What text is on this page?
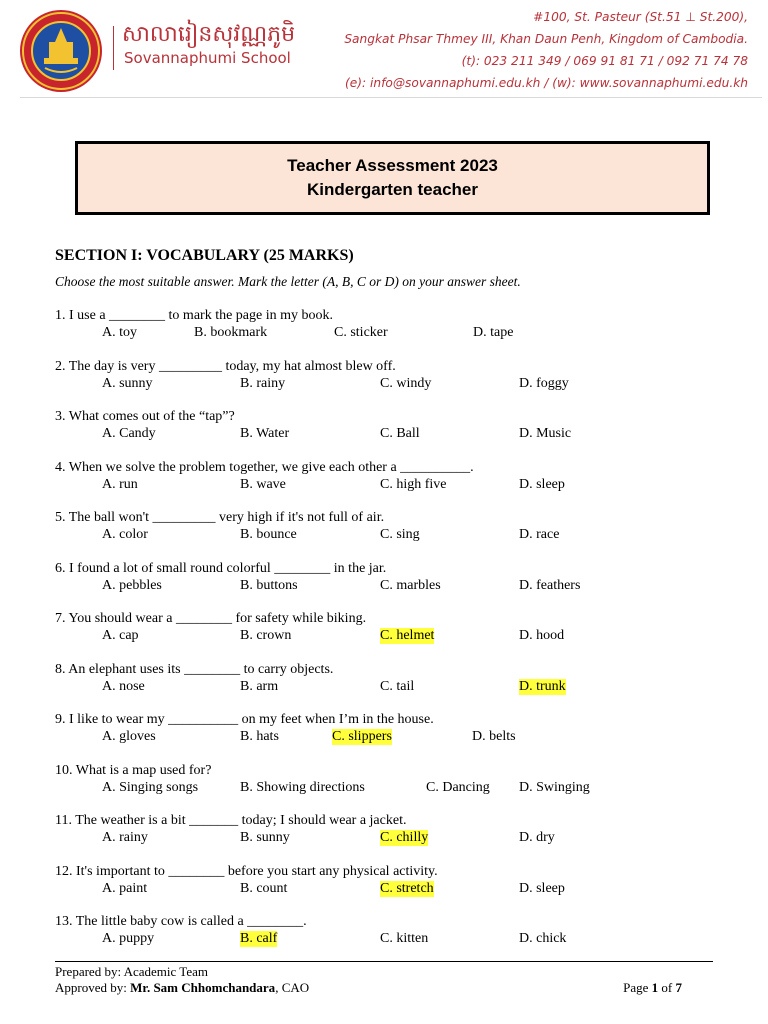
សាលារៀនសុវណ្ណភូមិ
Sovannaphumi School
#100, St. Pasteur (St.51 ⊥ St.200),
Sangkat Phsar Thmey III, Khan Daun Penh, Kingdom of Cambodia.
(t): 023 211 349 / 069 91 81 71 / 092 71 74 78
(e): info@sovannaphumi.edu.kh / (w): www.sovannaphumi.edu.kh
Teacher Assessment 2023
Kindergarten teacher
SECTION I: VOCABULARY (25 MARKS)
Choose the most suitable answer. Mark the letter (A, B, C or D) on your answer sheet.
1. I use a ________ to mark the page in my book.
A. toy	B. bookmark	C. sticker	D. tape
2. The day is very _________ today, my hat almost blew off.
A. sunny	B. rainy	C. windy	D. foggy
3. What comes out of the “tap”?
A. Candy	B. Water	C. Ball	D. Music
4. When we solve the problem together, we give each other a __________.
A. run	B. wave	C. high five	D. sleep
5. The ball won't _________ very high if it's not full of air.
A. color	B. bounce	C. sing	D. race
6. I found a lot of small round colorful ________ in the jar.
A. pebbles	B. buttons	C. marbles	D. feathers
7. You should wear a ________ for safety while biking.
A. cap	B. crown	C. helmet	D. hood
8. An elephant uses its ________ to carry objects.
A. nose	B. arm	C. tail	D. trunk
9. I like to wear my __________ on my feet when I’m in the house.
A. gloves	B. hats	C. slippers	D. belts
10. What is a map used for?
A. Singing songs	B. Showing directions	C. Dancing D. Swinging
11. The weather is a bit _______ today; I should wear a jacket.
A. rainy	B. sunny	C. chilly	D. dry
12. It's important to ________ before you start any physical activity.
A. paint	B. count	C. stretch	D. sleep
13. The little baby cow is called a ________.
A. puppy	B. calf	C. kitten	D. chick
Prepared by: Academic Team
Approved by: Mr. Sam Chhomchandara, CAO	Page 1 of 7
